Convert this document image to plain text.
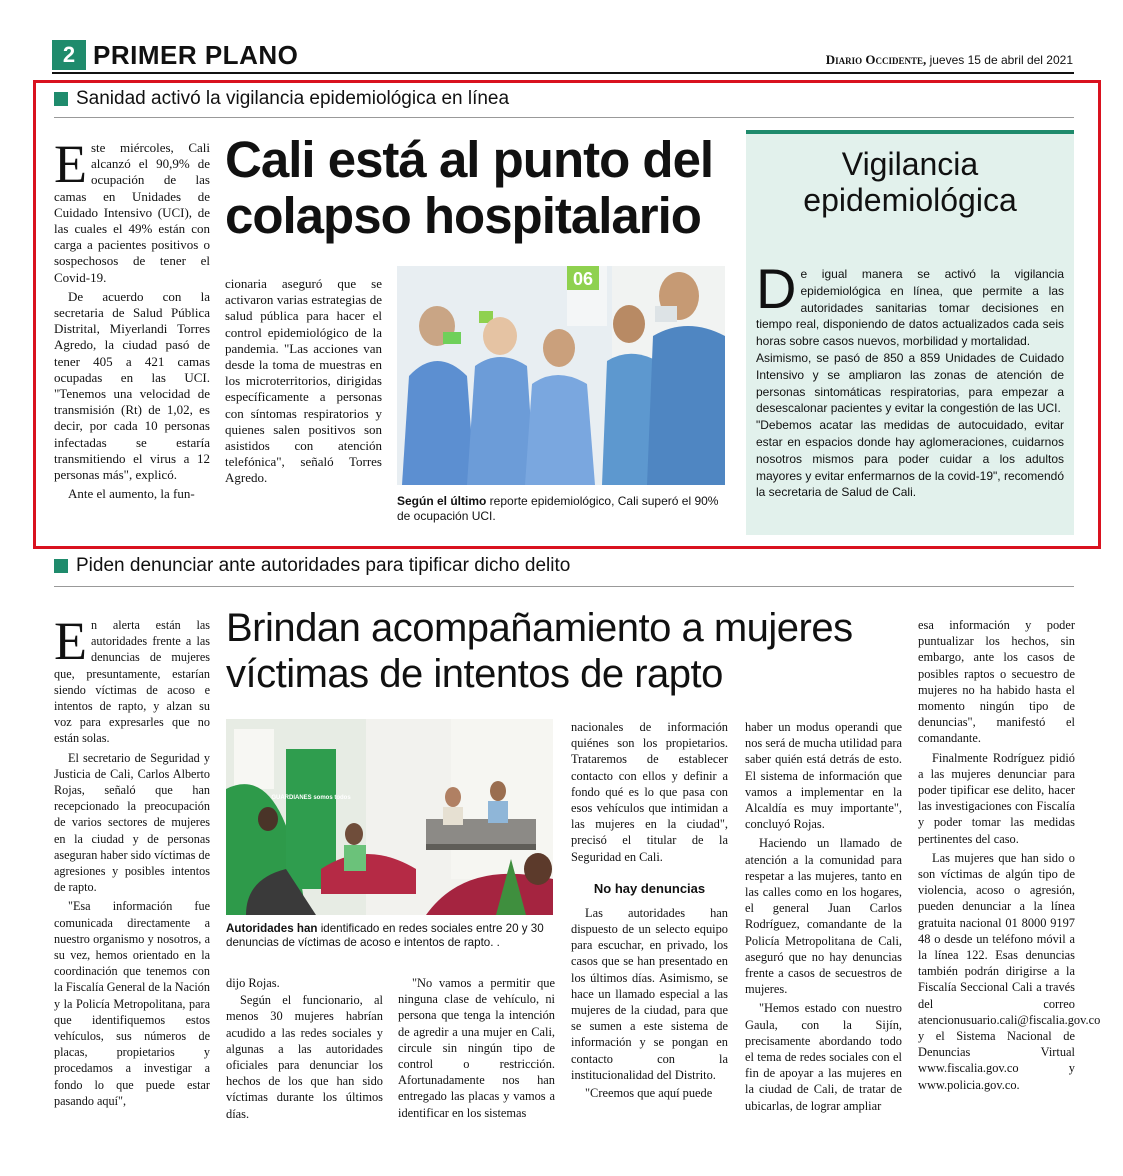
2 PRIMER PLANO	Diario Occidente, jueves 15 de abril del 2021
Sanidad activó la vigilancia epidemiológica en línea

Este miércoles, Cali alcanzó el 90,9% de ocupación de las camas en Unidades de Cuidado Intensivo (UCI), de las cuales el 49% están con carga a pacientes positivos o sospechosos de tener el Covid-19.

De acuerdo con la secretaria de Salud Pública Distrital, Miyerlandi Torres Agredo, la ciudad pasó de tener 405 a 421 camas ocupadas en las UCI. "Tenemos una velocidad de transmisión (Rt) de 1,02, es decir, por cada 10 personas infectadas se estaría transmitiendo el virus a 12 personas más", explicó.

Ante el aumento, la fun-

Cali está al punto del colapso hospitalario

cionaria aseguró que se activaron varias estrategias de salud pública para hacer el control epidemiológico de la pandemia. "Las acciones van desde la toma de muestras en los microterritorios, dirigidas específicamente a personas con síntomas respiratorios y quienes salen positivos son asistidos con atención telefónica", señaló Torres Agredo.

06
Según el último reporte epidemiológico, Cali superó el 90% de ocupación UCI.
Vigilancia epidemiológica
De igual manera se activó la vigilancia epidemiológica en línea, que permite a las autoridades sanitarias tomar decisiones en tiempo real, disponiendo de datos actualizados cada seis horas sobre casos nuevos, morbilidad y mortalidad.
Asimismo, se pasó de 850 a 859 Unidades de Cuidado Intensivo y se ampliaron las zonas de atención de personas sintomáticas respiratorias, para empezar a desescalonar pacientes y evitar la congestión de las UCI.
"Debemos acatar las medidas de autocuidado, evitar estar en espacios donde hay aglomeraciones, cuidarnos nosotros mismos para poder cuidar a los adultos mayores y evitar enfermarnos de la covid-19", recomendó la secretaria de Salud de Cali.
Piden denunciar ante autoridades para tipificar dicho delito

En alerta están las autoridades frente a las denuncias de mujeres que, presuntamente, estarían siendo víctimas de acoso e intentos de rapto, y alzan su voz para expresarles que no están solas.

El secretario de Seguridad y Justicia de Cali, Carlos Alberto Rojas, señaló que han recepcionado la preocupación de varios sectores de mujeres en la ciudad y de personas aseguran haber sido víctimas de agresiones y posibles intentos de rapto.

"Esa información fue comunicada directamente a nuestro organismo y nosotros, a su vez, hemos orientado en la coordinación que tenemos con la Fiscalía General de la Nación y la Policía Metropolitana, para que identifiquemos estos vehículos, sus números de placas, propietarios y procedamos a investigar a fondo lo que puede estar pasando aquí",

Brindan acompañamiento a mujeres víctimas de intentos de rapto
GUARDIANES somos todos
Autoridades han identificado en redes sociales entre 20 y 30 denuncias de víctimas de acoso e intentos de rapto. .

dijo Rojas.

Según el funcionario, al menos 30 mujeres habrían acudido a las redes sociales y algunas a las autoridades oficiales para denunciar los hechos de los que han sido víctimas durante los últimos días.

"No vamos a permitir que ninguna clase de vehículo, ni persona que tenga la intención de agredir a una mujer en Cali, circule sin ningún tipo de control o restricción. Afortunadamente nos han entregado las placas y vamos a identificar en los sistemas

nacionales de información quiénes son los propietarios. Trataremos de establecer contacto con ellos y definir a fondo qué es lo que pasa con esos vehículos que intimidan a las mujeres en la ciudad", precisó el titular de la Seguridad en Cali.

No hay denuncias

Las autoridades han dispuesto de un selecto equipo para escuchar, en privado, los casos que se han presentado en los últimos días. Asimismo, se hace un llamado especial a las mujeres de la ciudad, para que se sumen a este sistema de información y se pongan en contacto con la institucionalidad del Distrito.

"Creemos que aquí puede

haber un modus operandi que nos será de mucha utilidad para saber quién está detrás de esto. El sistema de información que vamos a implementar en la Alcaldía es muy importante", concluyó Rojas.

Haciendo un llamado de atención a la comunidad para respetar a las mujeres, tanto en las calles como en los hogares, el general Juan Carlos Rodríguez, comandante de la Policía Metropolitana de Cali, aseguró que no hay denuncias frente a casos de secuestros de mujeres.

"Hemos estado con nuestro Gaula, con la Sijín, precisamente abordando todo el tema de redes sociales con el fin de apoyar a las mujeres en la ciudad de Cali, de tratar de ubicarlas, de lograr ampliar

esa información y poder puntualizar los hechos, sin embargo, ante los casos de posibles raptos o secuestro de mujeres no ha habido hasta el momento ningún tipo de denuncias", manifestó el comandante.

Finalmente Rodríguez pidió a las mujeres denunciar para poder tipificar ese delito, hacer las investigaciones con Fiscalía y poder tomar las medidas pertinentes del caso.

Las mujeres que han sido o son víctimas de algún tipo de violencia, acoso o agresión, pueden denunciar a la línea gratuita nacional 01 8000 9197 48 o desde un teléfono móvil a la línea 122. Esas denuncias también podrán dirigirse a la Fiscalía Seccional Cali a través del correo atencionusuario.cali@fiscalia.gov.co y el Sistema Nacional de Denuncias Virtual www.fiscalia.gov.co y www.policia.gov.co.
